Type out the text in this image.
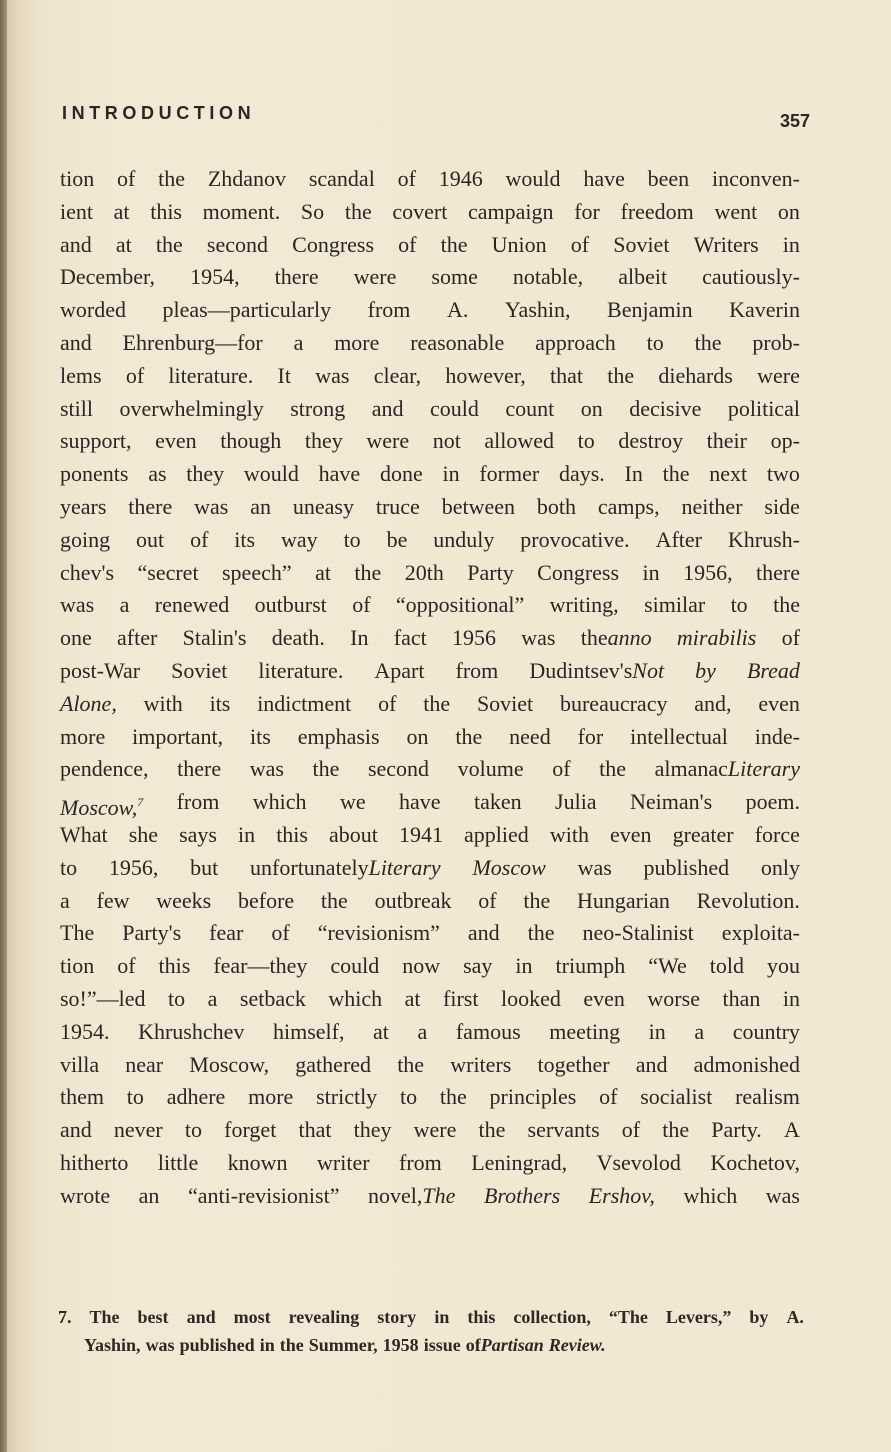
INTRODUCTION	357
tion of the Zhdanov scandal of 1946 would have been inconven-
ient at this moment. So the covert campaign for freedom went on
and at the second Congress of the Union of Soviet Writers in
December, 1954, there were some notable, albeit cautiously-
worded pleas—particularly from A. Yashin, Benjamin Kaverin
and Ehrenburg—for a more reasonable approach to the prob-
lems of literature. It was clear, however, that the diehards were
still overwhelmingly strong and could count on decisive political
support, even though they were not allowed to destroy their op-
ponents as they would have done in former days. In the next two
years there was an uneasy truce between both camps, neither side
going out of its way to be unduly provocative. After Khrush-
chev's “secret speech” at the 20th Party Congress in 1956, there
was a renewed outburst of “oppositional” writing, similar to the
one after Stalin's death. In fact 1956 was theanno mirabilis of
post-War Soviet literature. Apart from Dudintsev'sNot by Bread
Alone, with its indictment of the Soviet bureaucracy and, even
more important, its emphasis on the need for intellectual inde-
pendence, there was the second volume of the almanacLiterary
Moscow,$^7$ from which we have taken Julia Neiman's poem.
What she says in this about 1941 applied with even greater force
to 1956, but unfortunatelyLiterary Moscow was published only
a few weeks before the outbreak of the Hungarian Revolution.
The Party's fear of “revisionism” and the neo-Stalinist exploita-
tion of this fear—they could now say in triumph “We told you
so!”—led to a setback which at first looked even worse than in
1954. Khrushchev himself, at a famous meeting in a country
villa near Moscow, gathered the writers together and admonished
them to adhere more strictly to the principles of socialist realism
and never to forget that they were the servants of the Party. A
hitherto little known writer from Leningrad, Vsevolod Kochetov,
wrote an “anti-revisionist” novel,The Brothers Ershov, which was
7. The best and most revealing story in this collection, “The Levers,” by A.
Yashin, was published in the Summer, 1958 issue ofPartisan Review.
